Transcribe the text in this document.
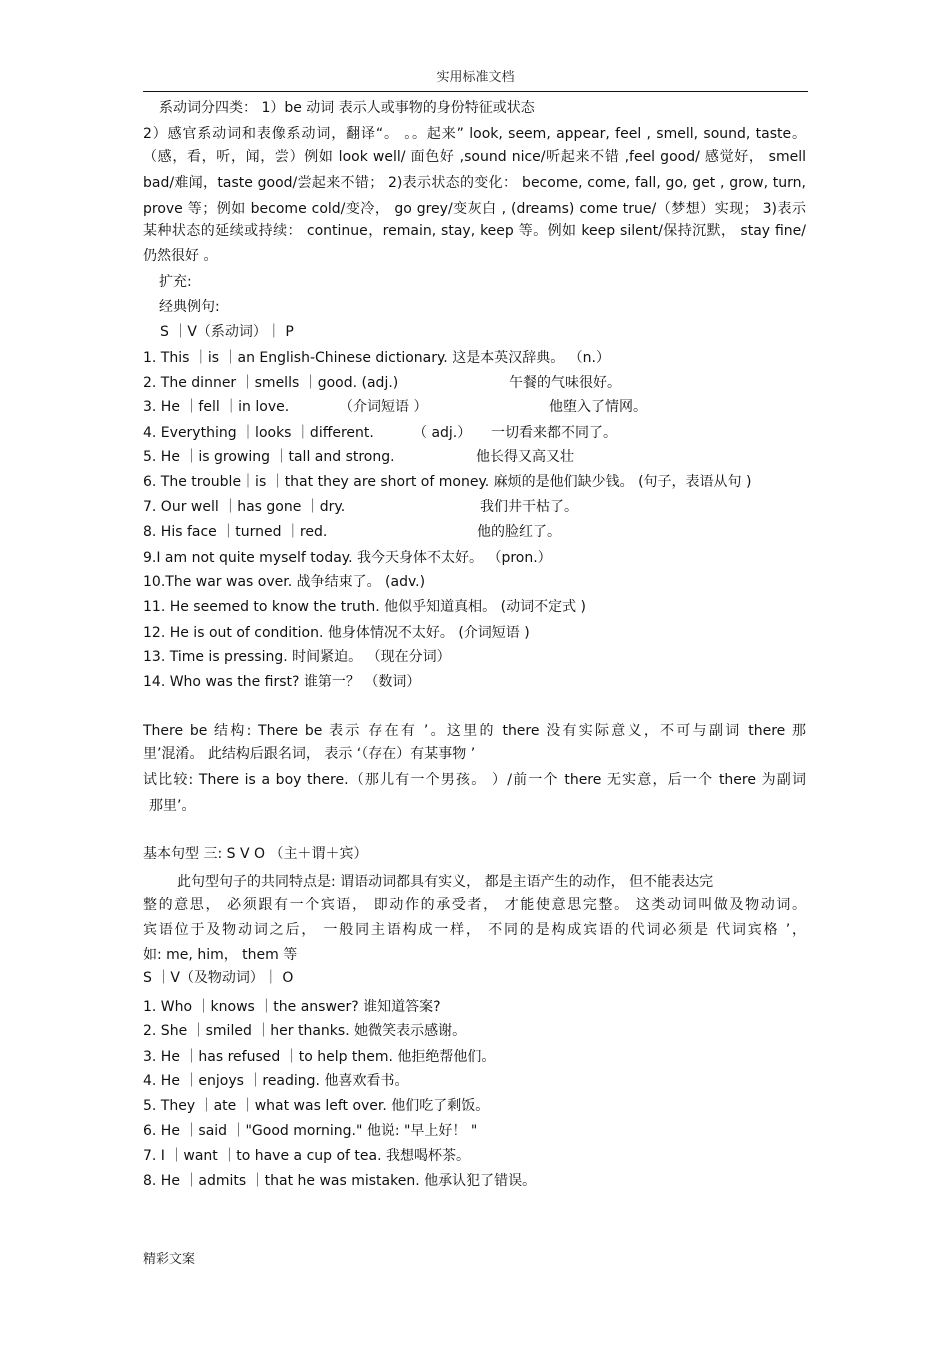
实用标准文档
系动词分四类： 1）be 动词 表示人或事物的身份特征或状态
2）感官系动词和表像系动词，翻译“。 。。起来” look, seem, appear, feel , smell, sound, taste。
（感，看，听，闻，尝）例如 look well/ 面色好 ,sound nice/听起来不错 ,feel good/ 感觉好， smell
bad/难闻，taste good/尝起来不错； 2)表示状态的变化： become, come, fall, go, get , grow, turn,
prove 等；例如 become cold/变冷， go grey/变灰白 , (dreams) come true/（梦想）实现； 3)表示
某种状态的延续或持续： continue，remain, stay, keep 等。例如 keep silent/保持沉默， stay fine/
仍然很好 。
扩充:
经典例句:
S ｜V（系动词）｜ P
1. This ｜is ｜an English-Chinese dictionary. 这是本英汉辞典。 （n.）
2. The dinner ｜smells ｜good. (adj.)	午餐的气味很好。
3. He ｜fell ｜in love.	（介词短语 ）	他堕入了情网。
4. Everything ｜looks ｜different.	（ adj.） 一切看来都不同了。
5. He ｜is growing ｜tall and strong.	他长得又高又壮
6. The trouble｜is ｜that they are short of money. 麻烦的是他们缺少钱。 (句子，表语从句 )
7. Our well ｜has gone ｜dry.	我们井干枯了。
8. His face ｜turned ｜red.	他的脸红了。
9.I am not quite myself today. 我今天身体不太好。 （pron.）
10.The war was over. 战争结束了。 (adv.)
11. He seemed to know the truth. 他似乎知道真相。 (动词不定式 )
12. He is out of condition. 他身体情况不太好。 (介词短语 )
13. Time is pressing. 时间紧迫。 （现在分词）
14. Who was the first? 谁第一？ （数词）
There be 结构: There be 表示 存在有 ’。这里的 there 没有实际意义，不可与副词 there 那
里’混淆。 此结构后跟名词， 表示 ‘（存在）有某事物 ’
试比较: There is a boy there.（那儿有一个男孩。 ）/前一个 there 无实意，后一个 there 为副词
那里’。
基本句型 三: S V O （主＋谓＋宾）
此句型句子的共同特点是: 谓语动词都具有实义， 都是主语产生的动作， 但不能表达完
整的意思， 必须跟有一个宾语， 即动作的承受者， 才能使意思完整。 这类动词叫做及物动词。
宾语位于及物动词之后， 一般同主语构成一样， 不同的是构成宾语的代词必须是 代词宾格 ’，
如: me, him， them 等
S ｜V（及物动词）｜ O
1. Who ｜knows ｜the answer? 谁知道答案?
2. She ｜smiled ｜her thanks. 她微笑表示感谢。
3. He ｜has refused ｜to help them. 他拒绝帮他们。
4. He ｜enjoys ｜reading. 他喜欢看书。
5. They ｜ate ｜what was left over. 他们吃了剩饭。
6. He ｜said ｜"Good morning." 他说: "早上好！ "
7. I ｜want ｜to have a cup of tea. 我想喝杯茶。
8. He ｜admits ｜that he was mistaken. 他承认犯了错误。
精彩文案
